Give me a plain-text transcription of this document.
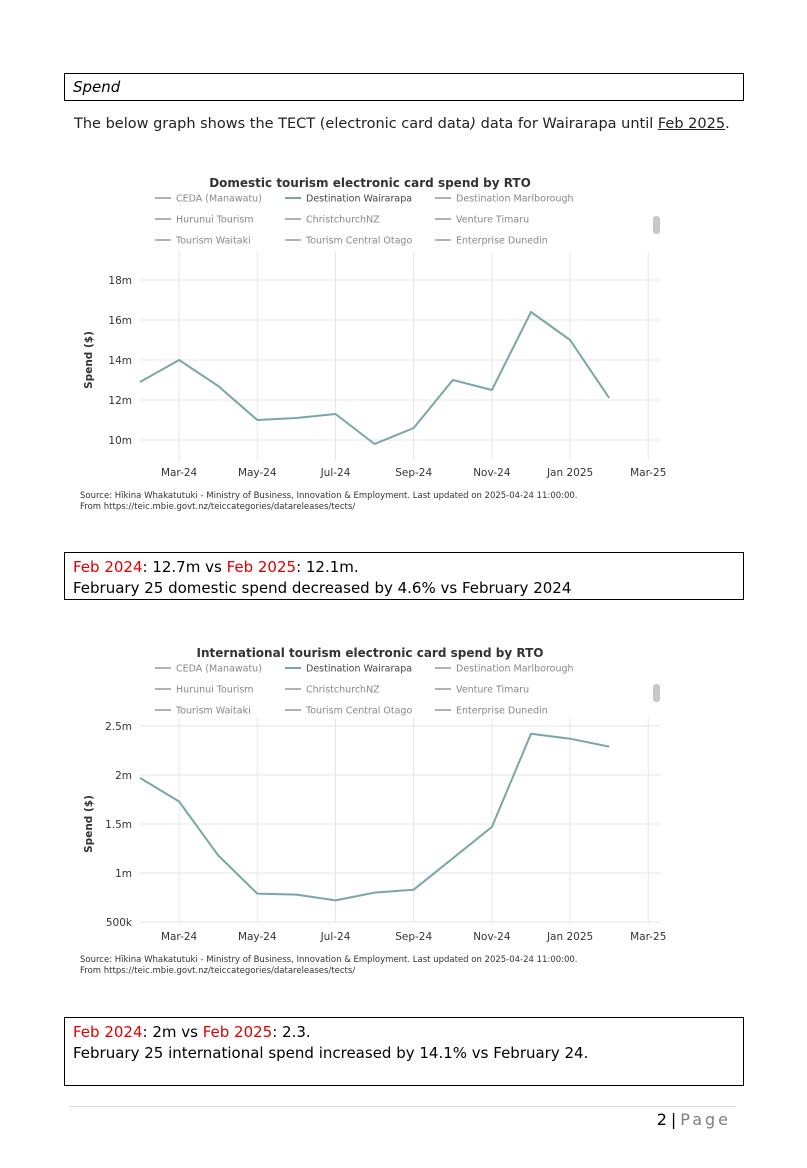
Spend
The below graph shows the TECT (electronic card data) data for Wairarapa until Feb 2025.
Domestic tourism electronic card spend by RTO
CEDA (Manawatu)	Destination Wairarapa	Destination Marlborough
Hurunui Tourism	ChristchurchNZ	Venture Timaru
Tourism Waitaki	Tourism Central Otago	Enterprise Dunedin
Mar-24	May-24	Jul-24	Sep-24	Nov-24	Jan 2025	Mar-25
10m
12m
14m
16m
18m
Spend ($)
Source: Hīkina Whakatutuki - Ministry of Business, Innovation & Employment. Last updated on 2025-04-24 11:00:00.
From https://teic.mbie.govt.nz/teiccategories/datareleases/tects/
Feb 2024: 12.7m vs Feb 2025: 12.1m.
February 25 domestic spend decreased by 4.6% vs February 2024
International tourism electronic card spend by RTO
CEDA (Manawatu)	Destination Wairarapa	Destination Marlborough
Hurunui Tourism	ChristchurchNZ	Venture Timaru
Tourism Waitaki	Tourism Central Otago	Enterprise Dunedin
Mar-24	May-24	Jul-24	Sep-24	Nov-24	Jan 2025	Mar-25
500k
1m
1.5m
2m
2.5m
Spend ($)
Source: Hīkina Whakatutuki - Ministry of Business, Innovation & Employment. Last updated on 2025-04-24 11:00:00.
From https://teic.mbie.govt.nz/teiccategories/datareleases/tects/
Feb 2024: 2m vs Feb 2025: 2.3.
February 25 international spend increased by 14.1% vs February 24.
2 | Page
